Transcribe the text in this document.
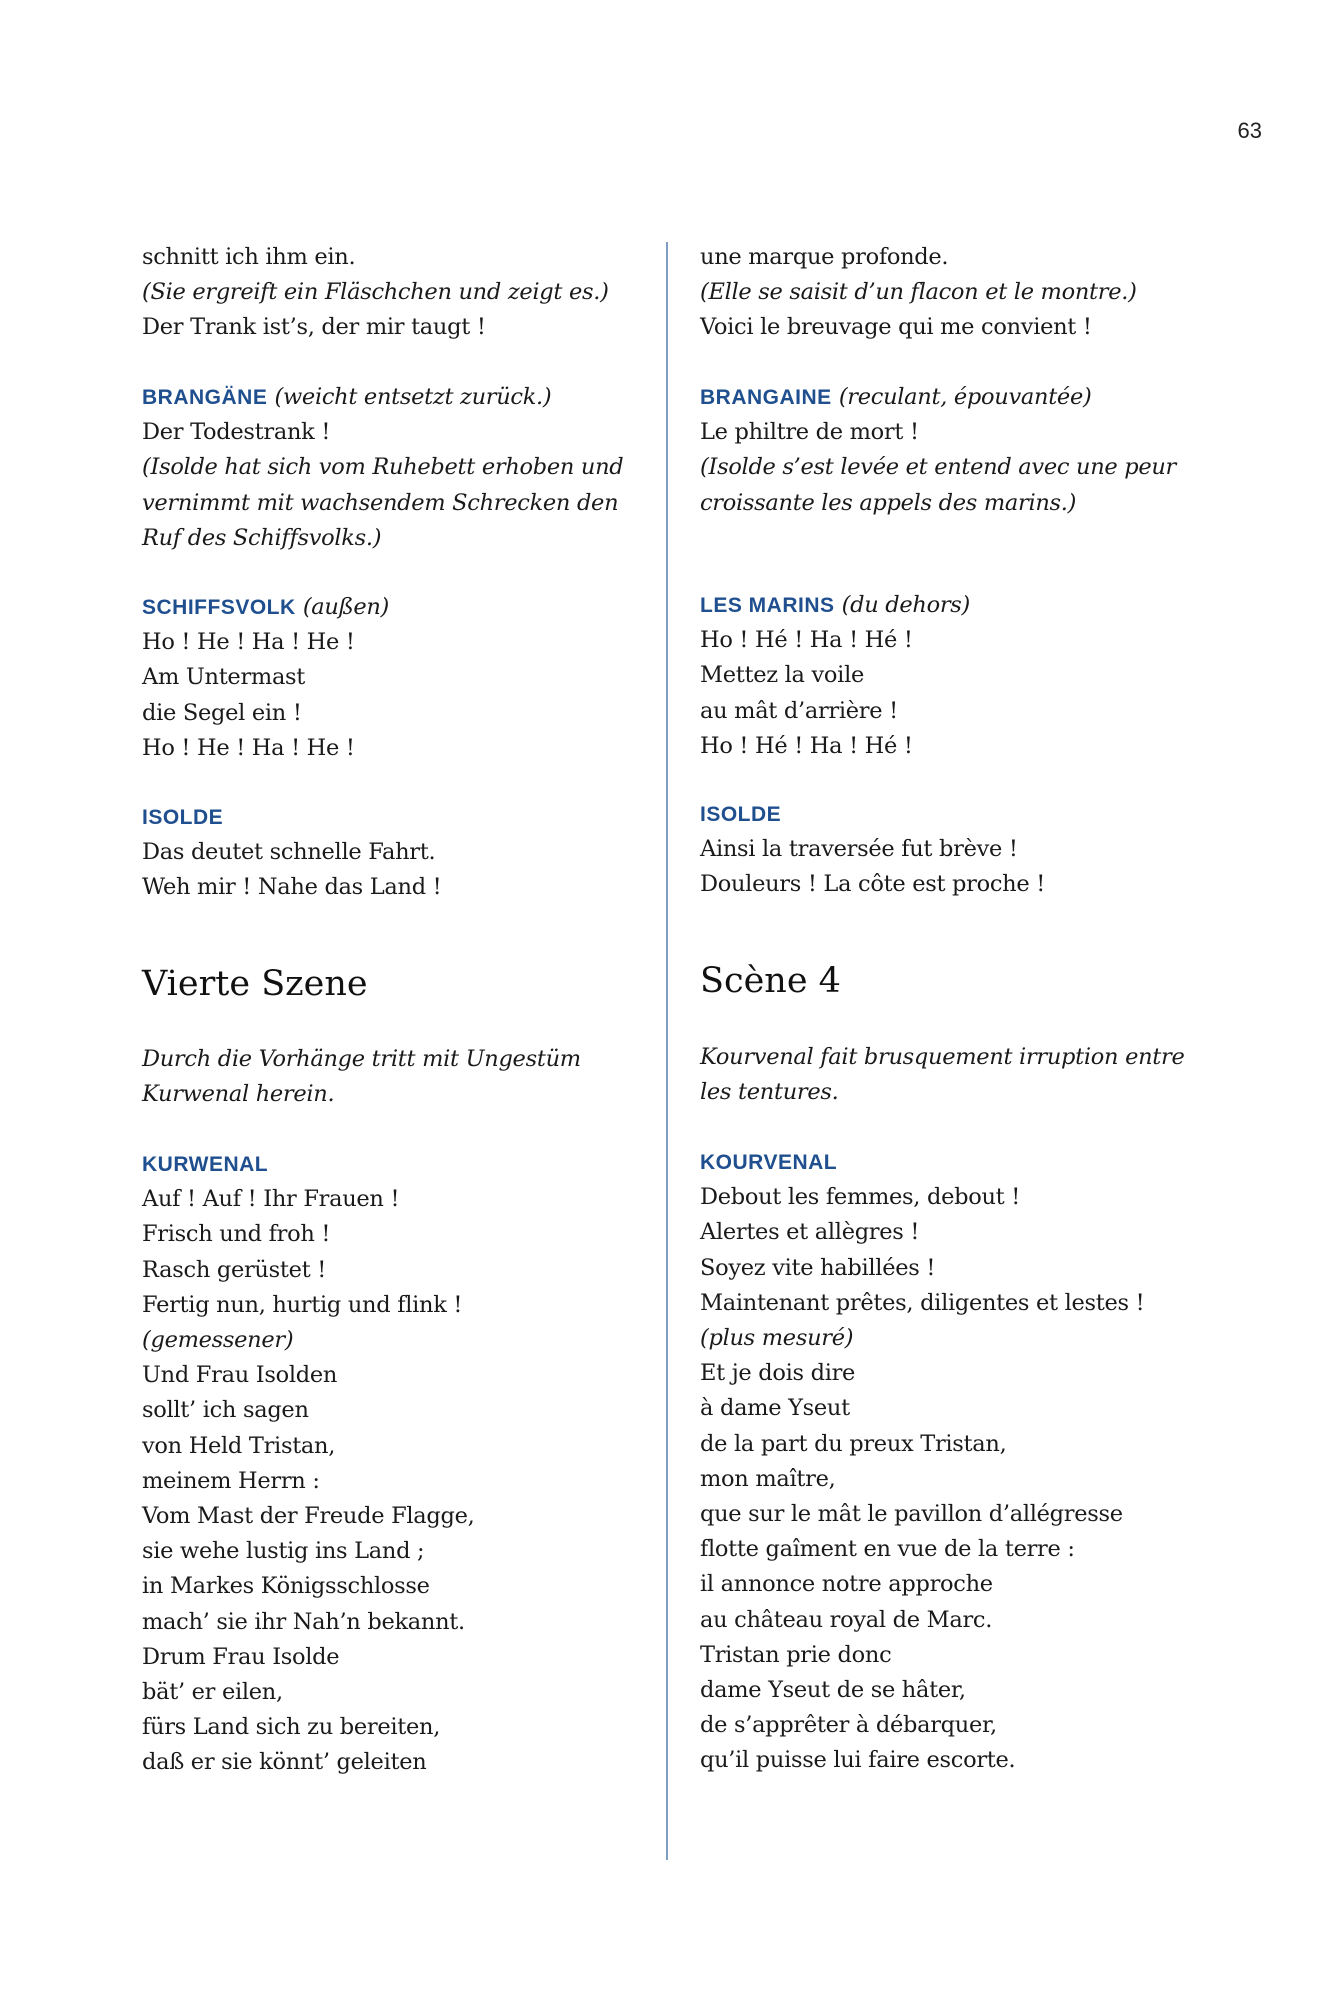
63
schnitt ich ihm ein.
(Sie ergreift ein Fläschchen und zeigt es.)
Der Trank ist’s, der mir taugt !
BRANGÄNE (weicht entsetzt zurück.)
Der Todestrank !
(Isolde hat sich vom Ruhebett erhoben und
vernimmt mit wachsendem Schrecken den
Ruf des Schiffsvolks.)
SCHIFFSVOLK (außen)
Ho ! He ! Ha ! He !
Am Untermast
die Segel ein !
Ho ! He ! Ha ! He !
ISOLDE
Das deutet schnelle Fahrt.
Weh mir ! Nahe das Land !
Vierte Szene
Durch die Vorhänge tritt mit Ungestüm
Kurwenal herein.
KURWENAL
Auf ! Auf ! Ihr Frauen !
Frisch und froh !
Rasch gerüstet !
Fertig nun, hurtig und flink !
(gemessener)
Und Frau Isolden
sollt’ ich sagen
von Held Tristan,
meinem Herrn :
Vom Mast der Freude Flagge,
sie wehe lustig ins Land ;
in Markes Königsschlosse
mach’ sie ihr Nah’n bekannt.
Drum Frau Isolde
bät’ er eilen,
fürs Land sich zu bereiten,
daß er sie könnt’ geleiten
une marque profonde.
(Elle se saisit d’un flacon et le montre.)
Voici le breuvage qui me convient !
BRANGAINE (reculant, épouvantée)
Le philtre de mort !
(Isolde s’est levée et entend avec une peur
croissante les appels des marins.)
LES MARINS (du dehors)
Ho ! Hé ! Ha ! Hé !
Mettez la voile
au mât d’arrière !
Ho ! Hé ! Ha ! Hé !
ISOLDE
Ainsi la traversée fut brève !
Douleurs ! La côte est proche !
Scène 4
Kourvenal fait brusquement irruption entre
les tentures.
KOURVENAL
Debout les femmes, debout !
Alertes et allègres !
Soyez vite habillées !
Maintenant prêtes, diligentes et lestes !
(plus mesuré)
Et je dois dire
à dame Yseut
de la part du preux Tristan,
mon maître,
que sur le mât le pavillon d’allégresse
flotte gaîment en vue de la terre :
il annonce notre approche
au château royal de Marc.
Tristan prie donc
dame Yseut de se hâter,
de s’apprêter à débarquer,
qu’il puisse lui faire escorte.
